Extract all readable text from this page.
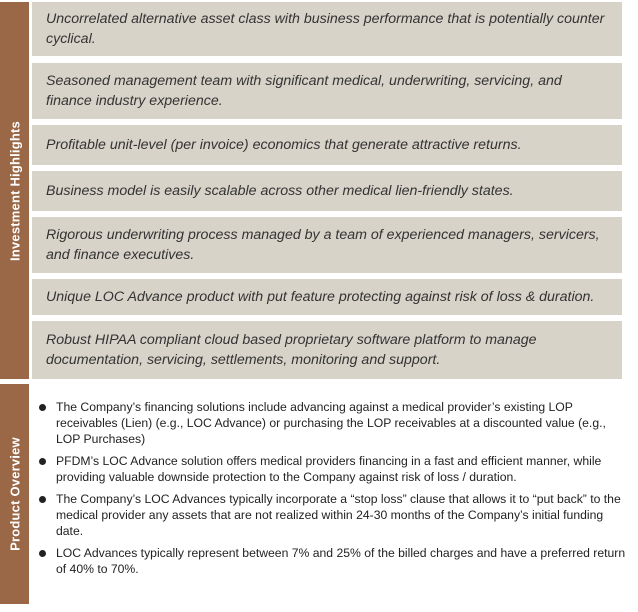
Investment Highlights
Uncorrelated alternative asset class with business performance that is potentially counter cyclical.
Seasoned management team with significant medical, underwriting, servicing, and finance industry experience.
Profitable unit-level (per invoice) economics that generate attractive returns.
Business model is easily scalable across other medical lien-friendly states.
Rigorous underwriting process managed by a team of experienced managers, servicers, and finance executives.
Unique LOC Advance product with put feature protecting against risk of loss & duration.
Robust HIPAA compliant cloud based proprietary software platform to manage documentation, servicing, settlements, monitoring and support.
Product Overview
The Company’s financing solutions include advancing against a medical provider’s existing LOP receivables (Lien) (e.g., LOC Advance) or purchasing the LOP receivables at a discounted value (e.g., LOP Purchases)
PFDM’s LOC Advance solution offers medical providers financing in a fast and efficient manner, while providing valuable downside protection to the Company against risk of loss / duration.
The Company’s LOC Advances typically incorporate a “stop loss” clause that allows it to “put back” to the medical provider any assets that are not realized within 24-30 months of the Company’s initial funding date.
LOC Advances typically represent between 7% and 25% of the billed charges and have a preferred return of 40% to 70%.
